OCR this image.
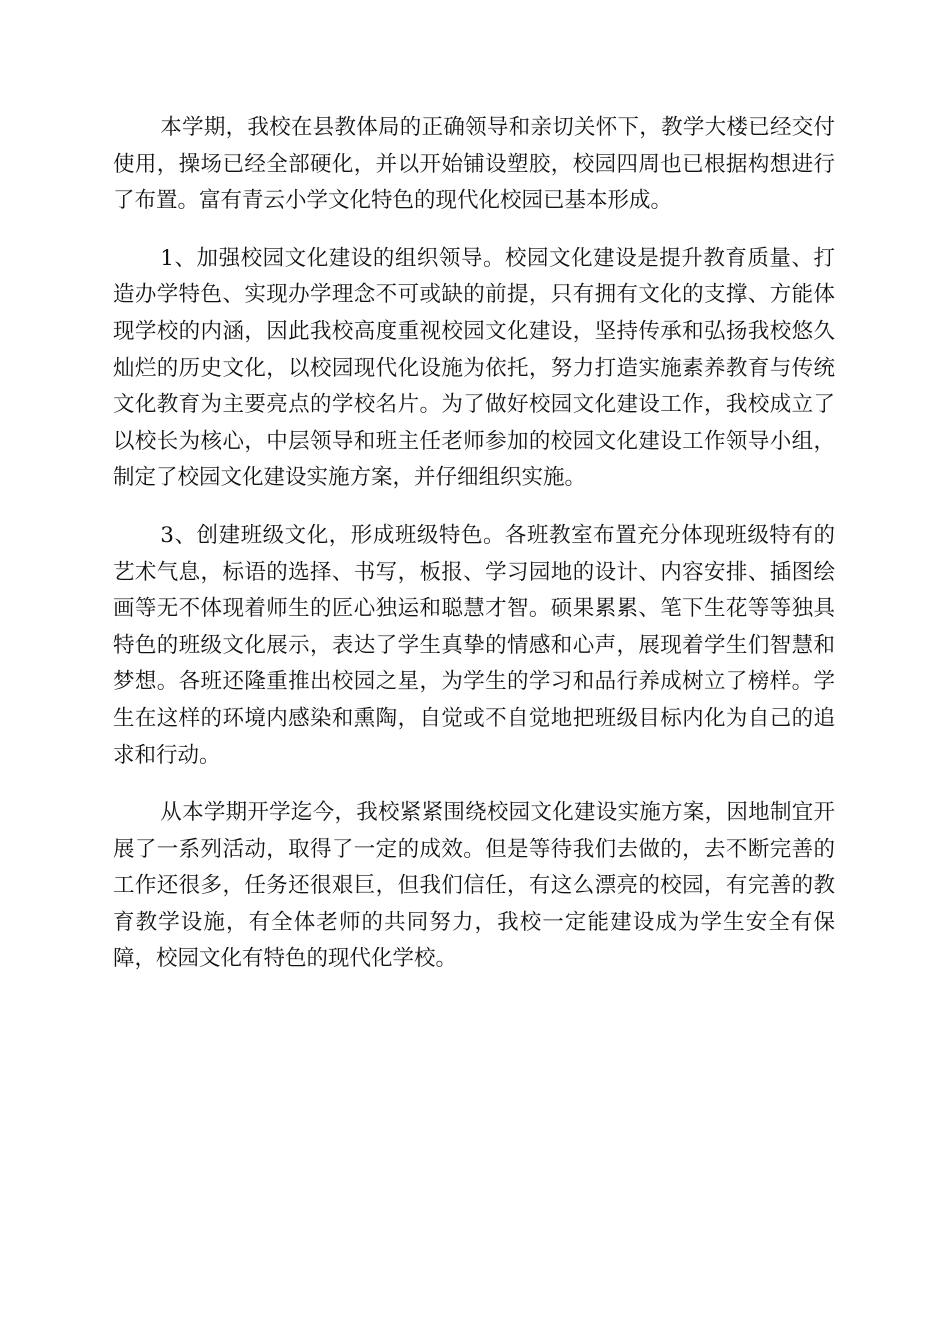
本学期，我校在县教体局的正确领导和亲切关怀下，教学大楼已经交付使用，操场已经全部硬化，并以开始铺设塑胶，校园四周也已根据构想进行了布置。富有青云小学文化特色的现代化校园已基本形成。

1、加强校园文化建设的组织领导。校园文化建设是提升教育质量、打造办学特色、实现办学理念不可或缺的前提，只有拥有文化的支撑、方能体现学校的内涵，因此我校高度重视校园文化建设，坚持传承和弘扬我校悠久灿烂的历史文化，以校园现代化设施为依托，努力打造实施素养教育与传统文化教育为主要亮点的学校名片。为了做好校园文化建设工作，我校成立了以校长为核心，中层领导和班主任老师参加的校园文化建设工作领导小组，制定了校园文化建设实施方案，并仔细组织实施。

3、创建班级文化，形成班级特色。各班教室布置充分体现班级特有的艺术气息，标语的选择、书写，板报、学习园地的设计、内容安排、插图绘画等无不体现着师生的匠心独运和聪慧才智。硕果累累、笔下生花等等独具特色的班级文化展示，表达了学生真挚的情感和心声，展现着学生们智慧和梦想。各班还隆重推出校园之星，为学生的学习和品行养成树立了榜样。学生在这样的环境内感染和熏陶，自觉或不自觉地把班级目标内化为自己的追求和行动。

从本学期开学迄今，我校紧紧围绕校园文化建设实施方案，因地制宜开展了一系列活动，取得了一定的成效。但是等待我们去做的，去不断完善的工作还很多，任务还很艰巨，但我们信任，有这么漂亮的校园，有完善的教育教学设施，有全体老师的共同努力，我校一定能建设成为学生安全有保障，校园文化有特色的现代化学校。
